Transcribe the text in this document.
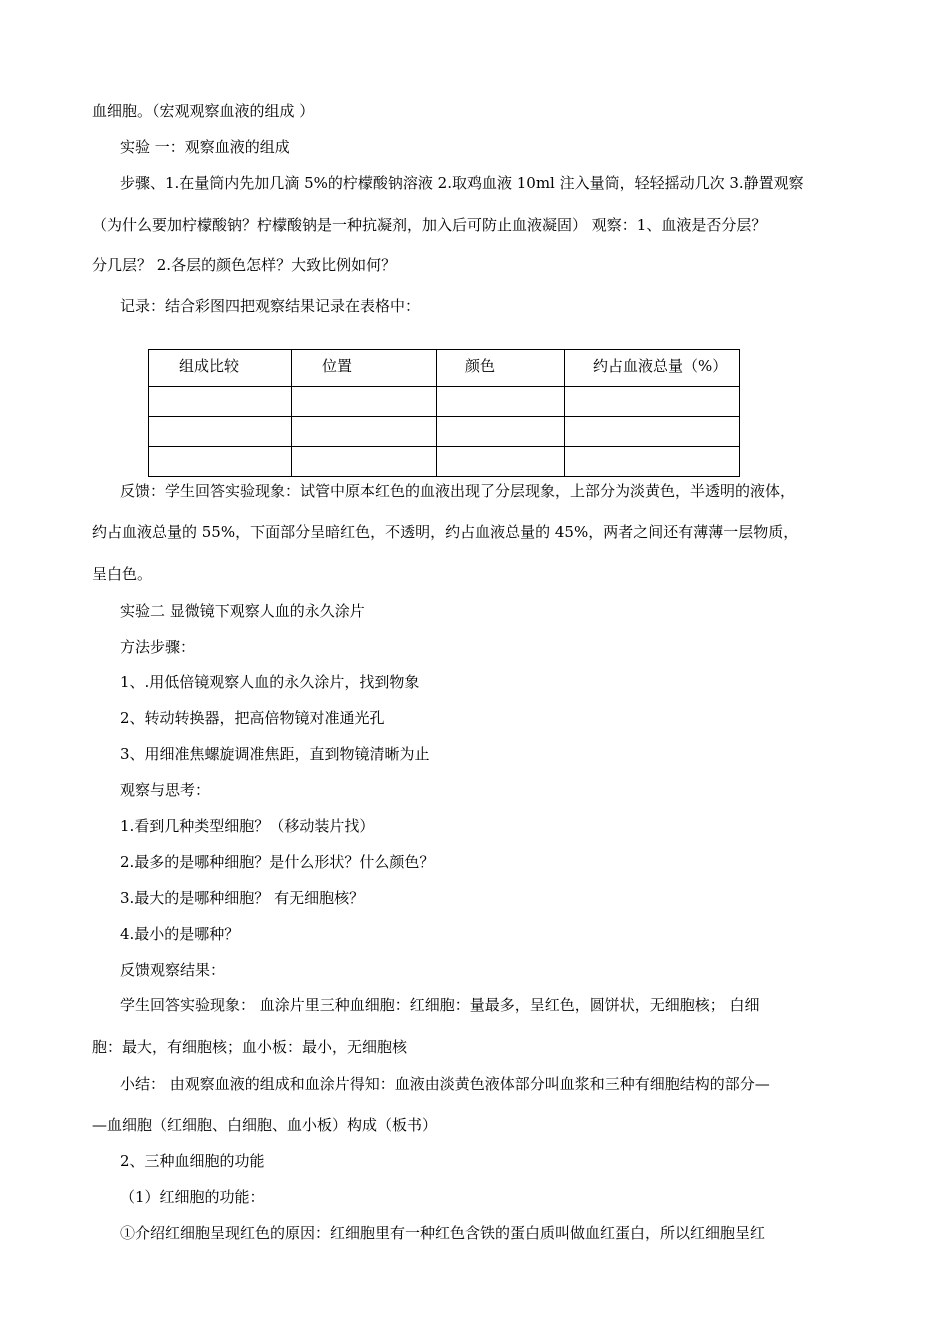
血细胞。（宏观观察血液的组成 ）
实验 一：观察血液的组成
步骤、1.在量筒内先加几滴 5%的柠檬酸钠溶液 2.取鸡血液 10ml 注入量筒，轻轻摇动几次 3.静置观察
（为什么要加柠檬酸钠？柠檬酸钠是一种抗凝剂，加入后可防止血液凝固） 观察：1、血液是否分层？
分几层？ 2.各层的颜色怎样？大致比例如何？
记录：结合彩图四把观察结果记录在表格中：
组成比较	位置	颜色	约占血液总量（%）

反馈：学生回答实验现象：试管中原本红色的血液出现了分层现象，上部分为淡黄色，半透明的液体，
约占血液总量的 55%，下面部分呈暗红色，不透明，约占血液总量的 45%，两者之间还有薄薄一层物质，
呈白色。
实验二 显微镜下观察人血的永久涂片
方法步骤：
1、.用低倍镜观察人血的永久涂片，找到物象
2、转动转换器，把高倍物镜对准通光孔
3、用细准焦螺旋调准焦距，直到物镜清晰为止
观察与思考：
1.看到几种类型细胞？（移动装片找）
2.最多的是哪种细胞？是什么形状？什么颜色？
3.最大的是哪种细胞？ 有无细胞核？
4.最小的是哪种？
反馈观察结果：
学生回答实验现象： 血涂片里三种血细胞：红细胞：量最多，呈红色，圆饼状，无细胞核； 白细
胞：最大，有细胞核；血小板：最小，无细胞核
小结： 由观察血液的组成和血涂片得知：血液由淡黄色液体部分叫血浆和三种有细胞结构的部分—
—血细胞（红细胞、白细胞、血小板）构成（板书）
2、三种血细胞的功能
（1）红细胞的功能：
①介绍红细胞呈现红色的原因：红细胞里有一种红色含铁的蛋白质叫做血红蛋白，所以红细胞呈红
